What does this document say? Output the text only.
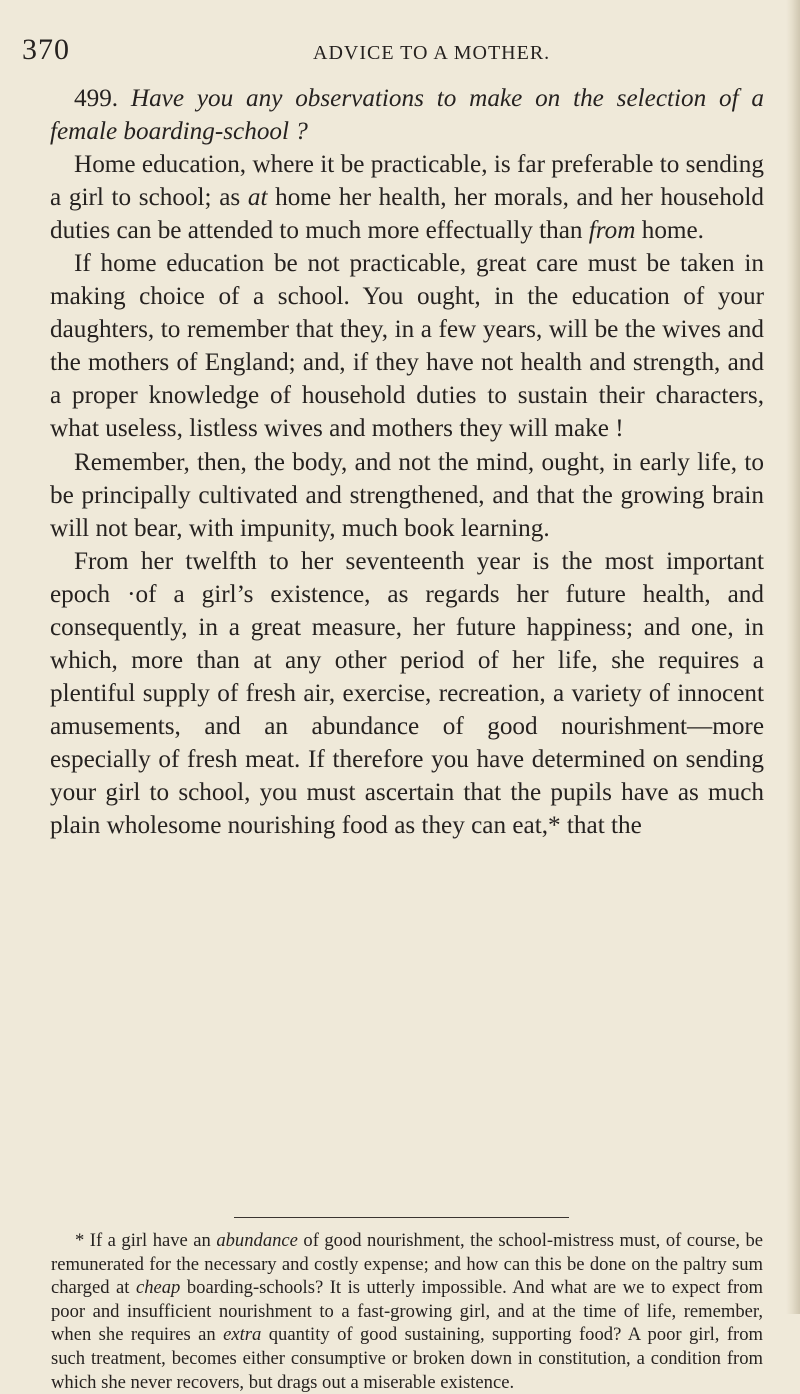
370	ADVICE TO A MOTHER.

499. Have you any observations to make on the selection of a female boarding-school ?

Home education, where it be practicable, is far preferable to sending a girl to school; as at home her health, her morals, and her household duties can be attended to much more effectually than from home.

If home education be not practicable, great care must be taken in making choice of a school. You ought, in the education of your daughters, to remember that they, in a few years, will be the wives and the mothers of England; and, if they have not health and strength, and a proper knowledge of household duties to sustain their characters, what useless, listless wives and mothers they will make !

Remember, then, the body, and not the mind, ought, in early life, to be principally cultivated and strengthened, and that the growing brain will not bear, with impunity, much book learning.

From her twelfth to her seventeenth year is the most important epoch ·of a girl’s existence, as regards her future health, and consequently, in a great measure, her future happiness; and one, in which, more than at any other period of her life, she requires a plentiful supply of fresh air, exercise, recreation, a variety of innocent amusements, and an abundance of good nourishment—more especially of fresh meat. If therefore you have determined on sending your girl to school, you must ascertain that the pupils have as much plain wholesome nourishing food as they can eat,* that the

* If a girl have an abundance of good nourishment, the school-mistress must, of course, be remunerated for the necessary and costly expense; and how can this be done on the paltry sum charged at cheap boarding-schools? It is utterly impossible. And what are we to expect from poor and insufficient nourishment to a fast-growing girl, and at the time of life, remember, when she requires an extra quantity of good sustaining, supporting food? A poor girl, from such treatment, becomes either consumptive or broken down in constitution, a condition from which she never recovers, but drags out a miserable existence.
